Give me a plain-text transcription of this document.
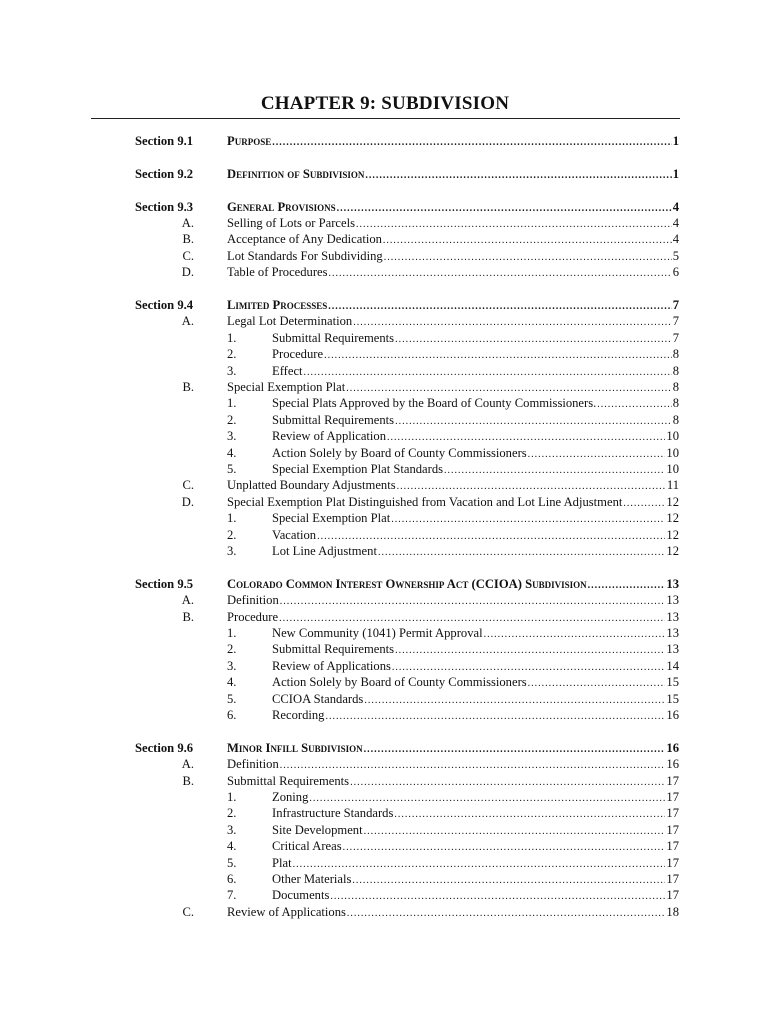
CHAPTER 9: SUBDIVISION
Section 9.1	Purpose .....	1
Section 9.2	Definition of Subdivision .....	1
Section 9.3	General Provisions .....	4
A.	Selling of Lots or Parcels .....	4
B.	Acceptance of Any Dedication .....	4
C.	Lot Standards For Subdividing .....	5
D.	Table of Procedures .....	6
Section 9.4	Limited Processes .....	7
A.	Legal Lot Determination .....	7
1.	Submittal Requirements .....	7
2.	Procedure .....	8
3.	Effect .....	8
B.	Special Exemption Plat .....	8
1.	Special Plats Approved by the Board of County Commissioners. .....	8
2.	Submittal Requirements .....	8
3.	Review of Application .....	10
4.	Action Solely by Board of County Commissioners .....	10
5.	Special Exemption Plat Standards .....	10
C.	Unplatted Boundary Adjustments .....	11
D.	Special Exemption Plat Distinguished from Vacation and Lot Line Adjustment .....	12
1.	Special Exemption Plat .....	12
2.	Vacation .....	12
3.	Lot Line Adjustment .....	12
Section 9.5	Colorado Common Interest Ownership Act (CCIOA) Subdivision .....	13
A.	Definition .....	13
B.	Procedure .....	13
1.	New Community (1041) Permit Approval .....	13
2.	Submittal Requirements .....	13
3.	Review of Applications .....	14
4.	Action Solely by Board of County Commissioners .....	15
5.	CCIOA Standards .....	15
6.	Recording .....	16
Section 9.6	Minor Infill Subdivision .....	16
A.	Definition .....	16
B.	Submittal Requirements .....	17
1.	Zoning .....	17
2.	Infrastructure Standards .....	17
3.	Site Development .....	17
4.	Critical Areas .....	17
5.	Plat .....	17
6.	Other Materials .....	17
7.	Documents .....	17
C.	Review of Applications .....	18
